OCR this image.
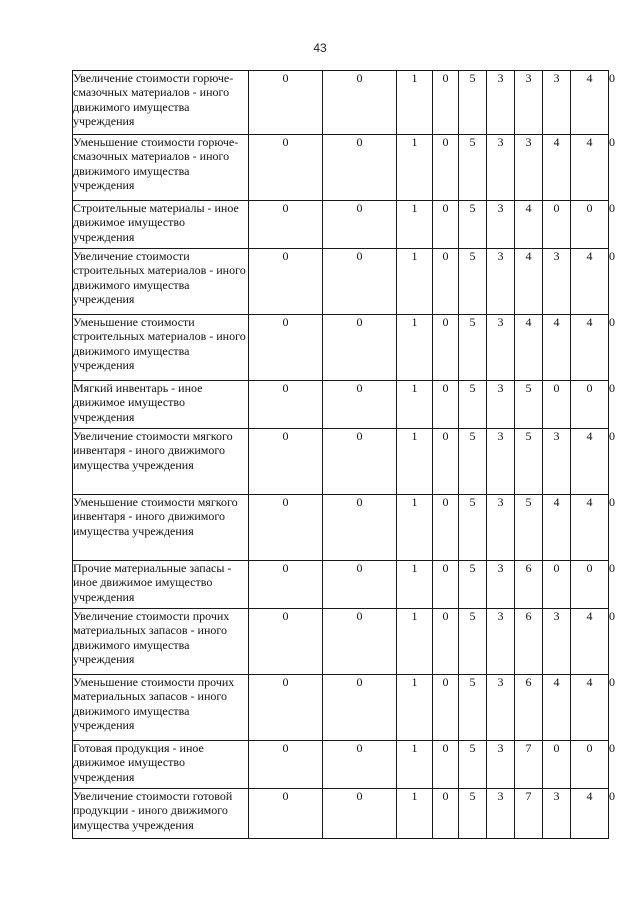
43
Увеличение стоимости горюче-смазочных материалов - иного движимого имущества учреждения	0	0	1	0	5	3	3	3	4	0
Уменьшение стоимости горюче-смазочных материалов - иного движимого имущества учреждения	0	0	1	0	5	3	3	4	4	0
Строительные материалы - иное движимое имущество учреждения	0	0	1	0	5	3	4	0	0	0
Увеличение стоимости строительных материалов - иного движимого имущества учреждения	0	0	1	0	5	3	4	3	4	0
Уменьшение стоимости строительных материалов - иного движимого имущества учреждения	0	0	1	0	5	3	4	4	4	0
Мягкий инвентарь - иное движимое имущество учреждения	0	0	1	0	5	3	5	0	0	0
Увеличение стоимости мягкого инвентаря - иного движимого имущества учреждения	0	0	1	0	5	3	5	3	4	0
Уменьшение стоимости мягкого инвентаря - иного движимого имущества учреждения	0	0	1	0	5	3	5	4	4	0
Прочие материальные запасы - иное движимое имущество учреждения	0	0	1	0	5	3	6	0	0	0
Увеличение стоимости прочих материальных запасов - иного движимого имущества учреждения	0	0	1	0	5	3	6	3	4	0
Уменьшение стоимости прочих материальных запасов - иного движимого имущества учреждения	0	0	1	0	5	3	6	4	4	0
Готовая продукция - иное движимое имущество учреждения	0	0	1	0	5	3	7	0	0	0
Увеличение стоимости готовой продукции - иного движимого имущества учреждения	0	0	1	0	5	3	7	3	4	0
